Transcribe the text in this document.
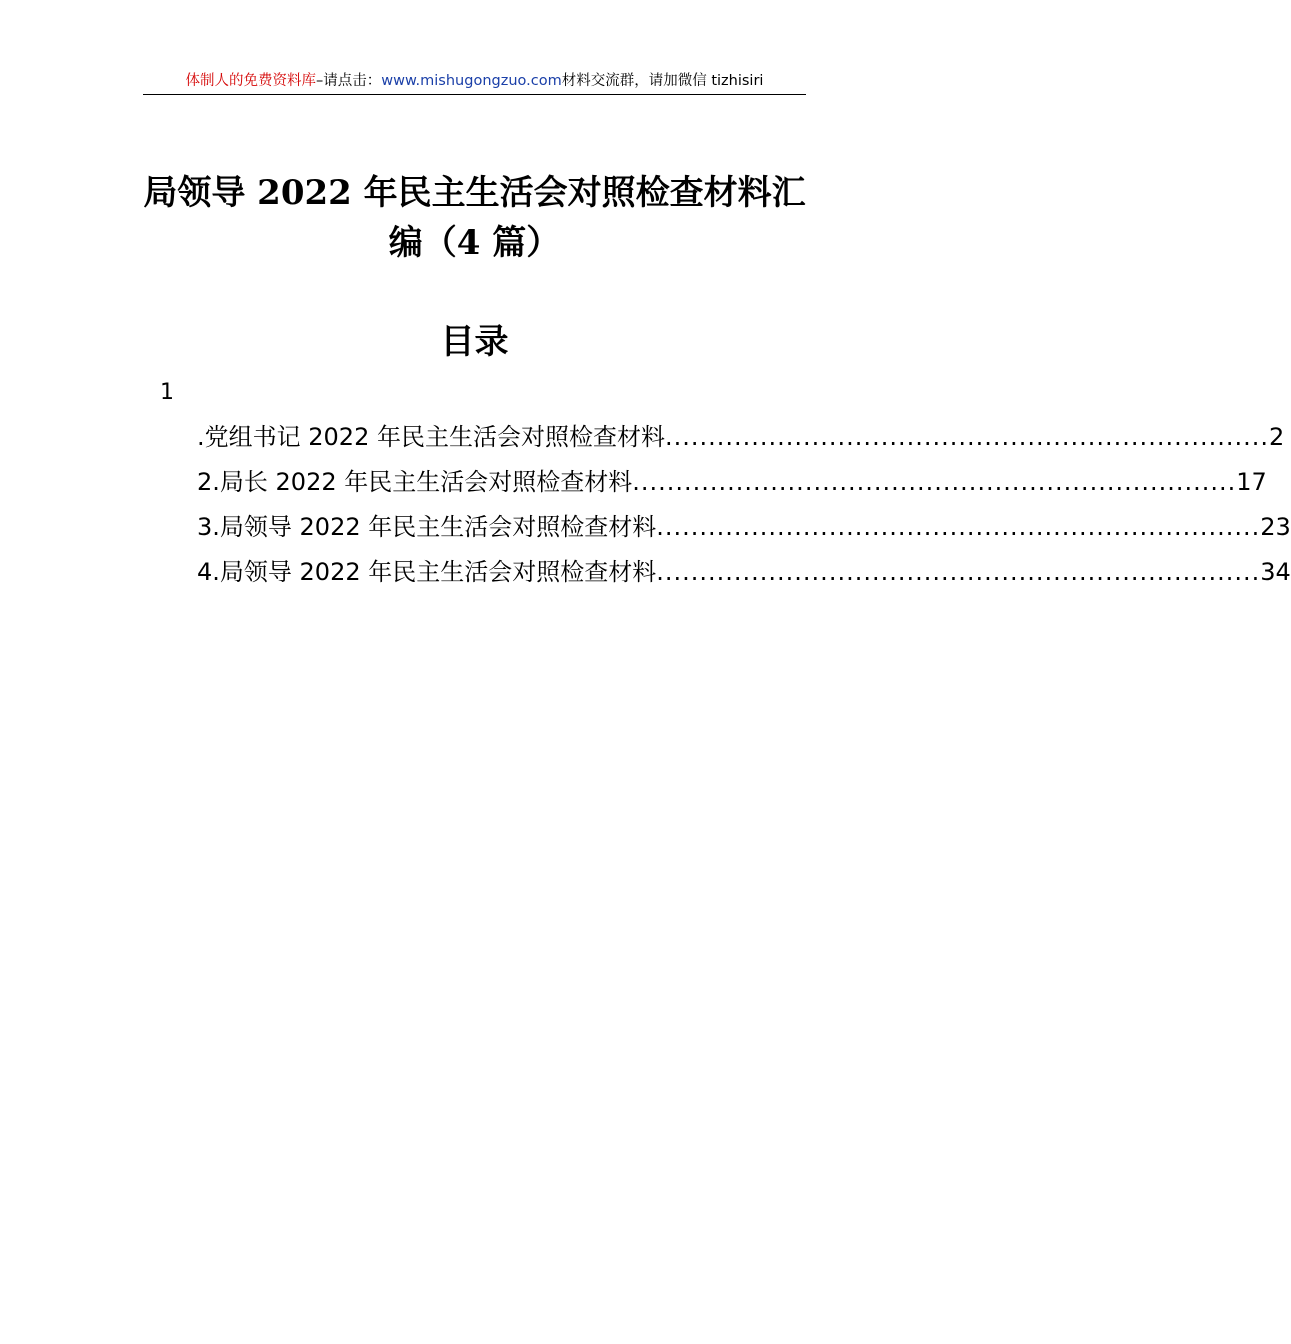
体制人的免费资料库–请点击：www.mishugongzuo.com材料交流群，请加微信 tizhisiri
局领导 2022 年民主生活会对照检查材料汇
编（4 篇）
目录
1
.党组书记 2022 年民主生活会对照检查材料 ...................................................................... 2
2.局长 2022 年民主生活会对照检查材料 ...................................................................... 17
3.局领导 2022 年民主生活会对照检查材料 ...................................................................... 23
4.局领导 2022 年民主生活会对照检查材料 ...................................................................... 34
